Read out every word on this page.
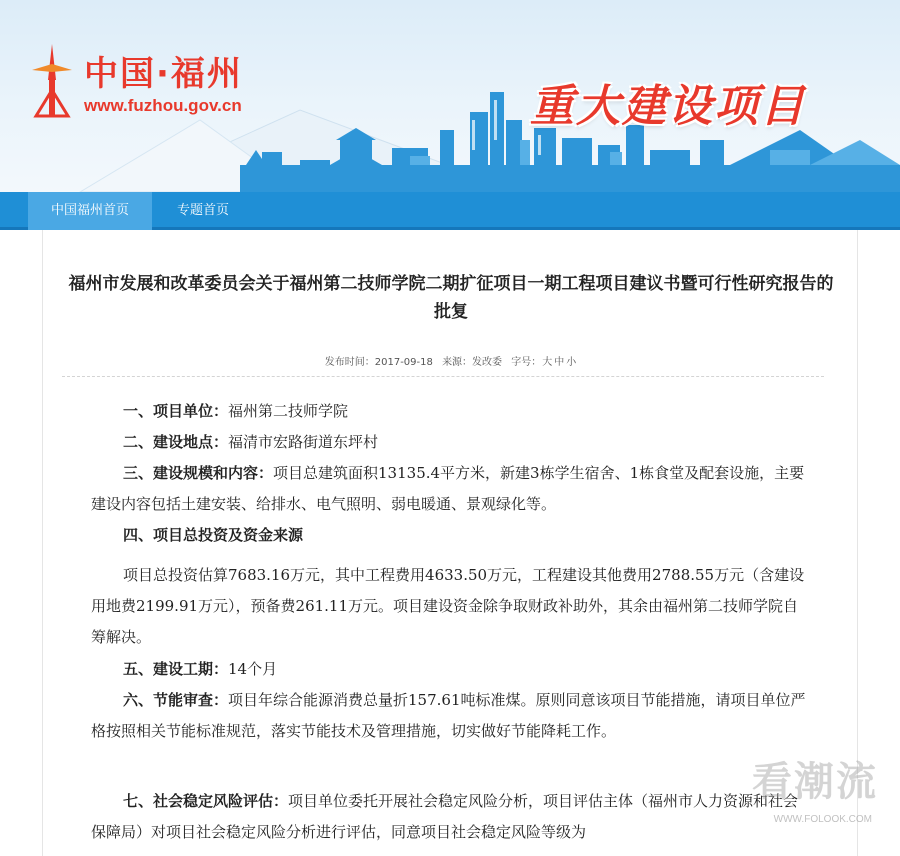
中国·福州
www.fuzhou.gov.cn	重大建设项目
中国福州首页	专题首页
福州市发展和改革委员会关于福州第二技师学院二期扩征项目一期工程项目建议书暨可行性研究报告的批复
发布时间：2017-09-18 来源：发改委 字号：大 中 小
一、项目单位：福州第二技师学院
二、建设地点：福清市宏路街道东坪村
三、建设规模和内容：项目总建筑面积13135.4平方米，新建3栋学生宿舍、1栋食堂及配套设施，主要建设内容包括土建安装、给排水、电气照明、弱电暖通、景观绿化等。
四、项目总投资及资金来源
项目总投资估算7683.16万元，其中工程费用4633.50万元，工程建设其他费用2788.55万元（含建设用地费2199.91万元），预备费261.11万元。项目建设资金除争取财政补助外，其余由福州第二技师学院自筹解决。
五、建设工期：14个月
六、节能审查：项目年综合能源消费总量折157.61吨标准煤。原则同意该项目节能措施，请项目单位严格按照相关节能标准规范，落实节能技术及管理措施，切实做好节能降耗工作。
七、社会稳定风险评估：项目单位委托开展社会稳定风险分析，项目评估主体（福州市人力资源和社会保障局）对项目社会稳定风险分析进行评估，同意项目社会稳定风险等级为
看潮流
WWW.FOLOOK.COM
